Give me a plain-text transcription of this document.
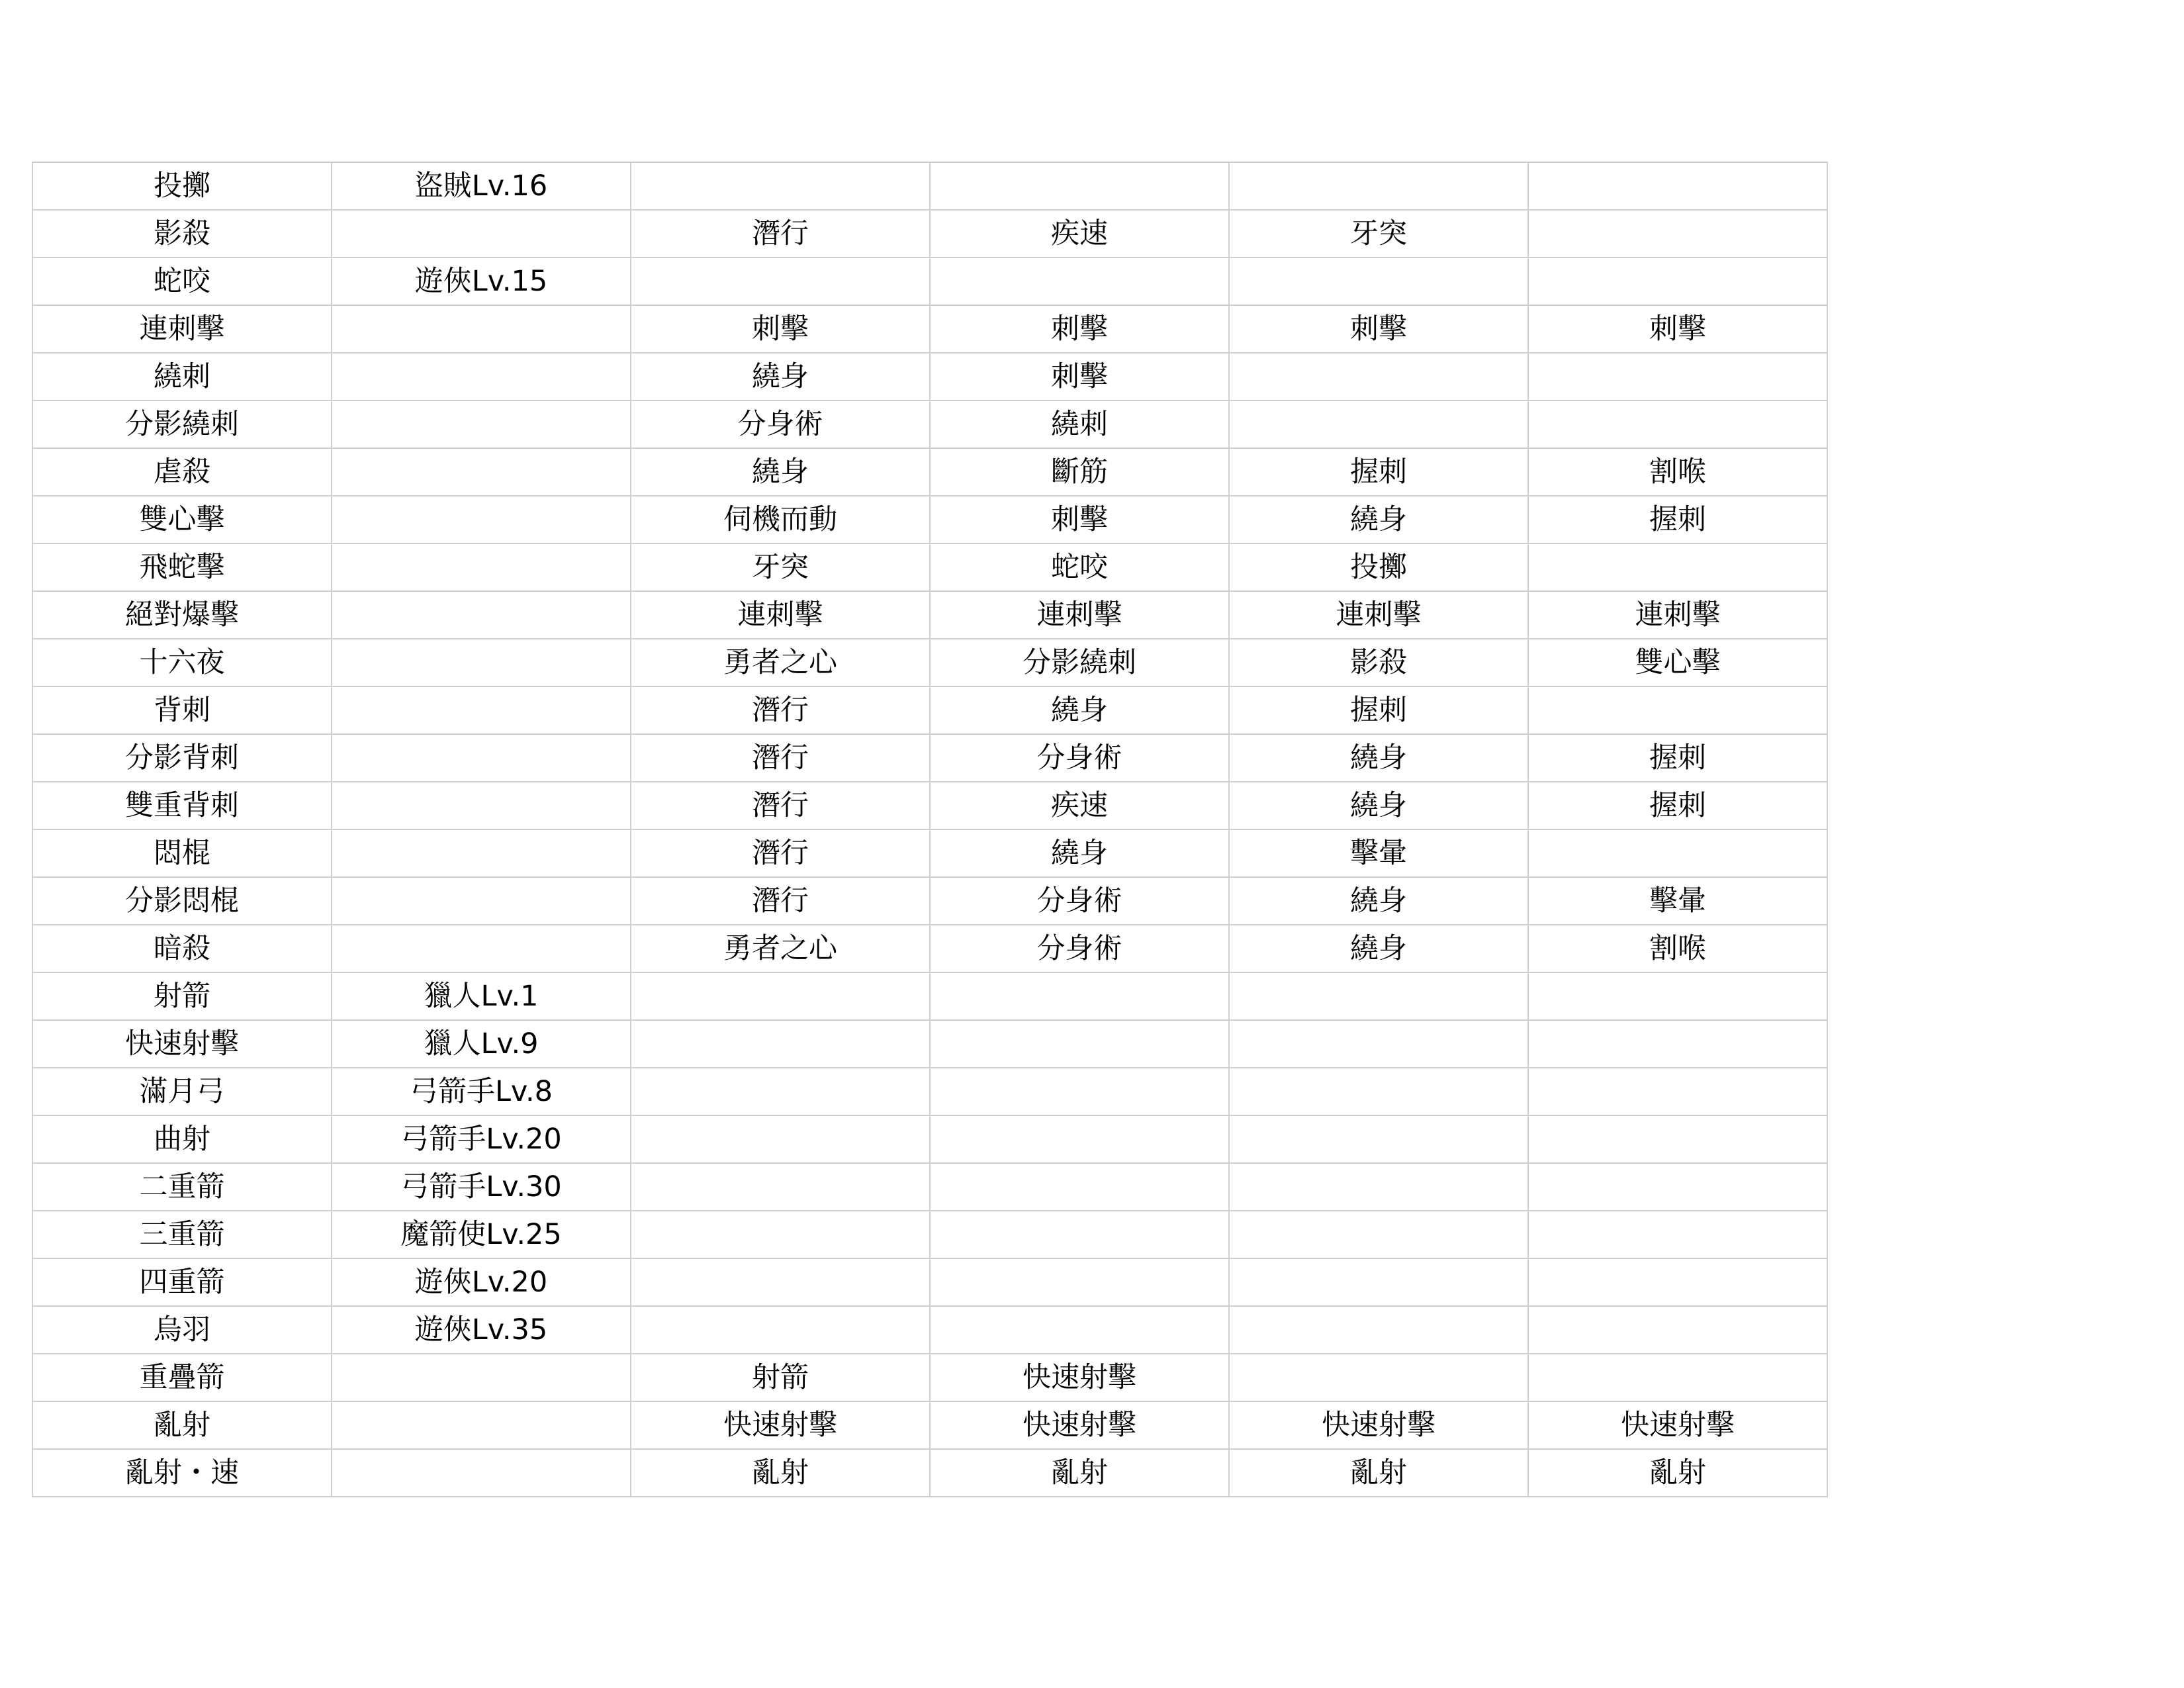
投擲	盜賊Lv.16				
影殺		潛行	疾速	牙突	
蛇咬	遊俠Lv.15				
連刺擊		刺擊	刺擊	刺擊	刺擊
繞刺		繞身	刺擊		
分影繞刺		分身術	繞刺		
虐殺		繞身	斷筋	握刺	割喉
雙心擊		伺機而動	刺擊	繞身	握刺
飛蛇擊		牙突	蛇咬	投擲	
絕對爆擊		連刺擊	連刺擊	連刺擊	連刺擊
十六夜		勇者之心	分影繞刺	影殺	雙心擊
背刺		潛行	繞身	握刺	
分影背刺		潛行	分身術	繞身	握刺
雙重背刺		潛行	疾速	繞身	握刺
悶棍		潛行	繞身	擊暈	
分影悶棍		潛行	分身術	繞身	擊暈
暗殺		勇者之心	分身術	繞身	割喉
射箭	獵人Lv.1				
快速射擊	獵人Lv.9				
滿月弓	弓箭手Lv.8				
曲射	弓箭手Lv.20				
二重箭	弓箭手Lv.30				
三重箭	魔箭使Lv.25				
四重箭	遊俠Lv.20				
烏羽	遊俠Lv.35				
重疊箭		射箭	快速射擊		
亂射		快速射擊	快速射擊	快速射擊	快速射擊
亂射・速		亂射	亂射	亂射	亂射
